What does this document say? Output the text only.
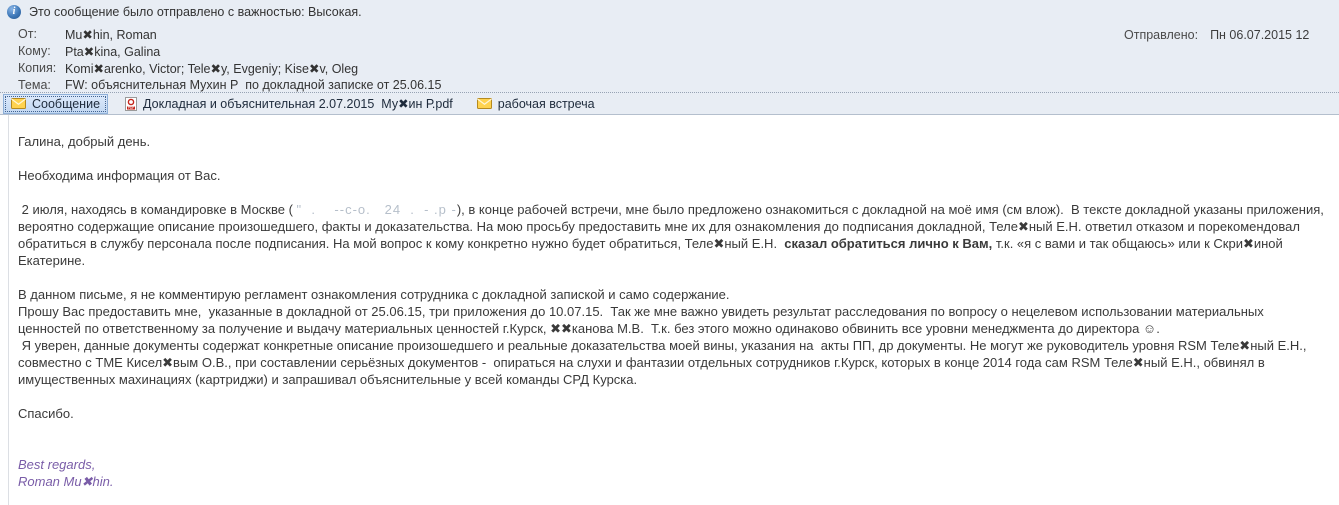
i	Это сообщение было отправлено с важностью: Высокая.
От:	Mu✖hin, Roman
Кому:	Pta✖kina, Galina
Копия: Komi✖arenko, Victor; Tele✖y, Evgeniy; Kise✖v, Oleg
Тема:	FW: объяснительная Мухин Р  по докладной записке от 25.06.15
Отправлено: Пн 06.07.2015 12
Сообщение	PDF Докладная и объяснительная 2.07.2015  Му✖ин Р.pdf	рабочая встреча
Галина, добрый день.
Необходима информация от Вас.
2 июля, находясь в командировке в Москве ( "  .    --c-o.   24  .  - .p -), в конце рабочей встречи, мне было предложено ознакомиться с докладной на моё имя (см влож).  В тексте докладной указаны приложения, вероятно содержащие описание произошедшего, факты и доказательства. На мою просьбу предоставить мне их для ознакомления до подписания докладной, Теле✖ный Е.Н. ответил отказом и порекомендовал обратиться в службу персонала после подписания. На мой вопрос к кому конкретно нужно будет обратиться, Теле✖ный Е.Н.  сказал обратиться лично к Вам, т.к. «я с вами и так общаюсь» или к Скри✖иной Екатерине.
В данном письме, я не комментирую регламент ознакомления сотрудника с докладной запиской и само содержание.
Прошу Вас предоставить мне,  указанные в докладной от 25.06.15, три приложения до 10.07.15.  Так же мне важно увидеть результат расследования по вопросу о нецелевом использовании материальных ценностей по ответственному за получение и выдачу материальных ценностей г.Курск, ✖✖канова М.В.  Т.к. без этого можно одинаково обвинить все уровни менеджмента до директора ☺.
Я уверен, данные документы содержат конкретные описание произошедшего и реальные доказательства моей вины, указания на  акты ПП, др документы. Не могут же руководитель уровня RSM Теле✖ный Е.Н., совместно с ТМЕ Кисел✖вым О.В., при составлении серьёзных документов -  опираться на слухи и фантазии отдельных сотрудников г.Курск, которых в конце 2014 года сам RSM Теле✖ный Е.Н., обвинял в имущественных махинациях (картриджи) и запрашивал объяснительные у всей команды СРД Курска.
Спасибо.
Best regards,
Roman Mu✖hin.
